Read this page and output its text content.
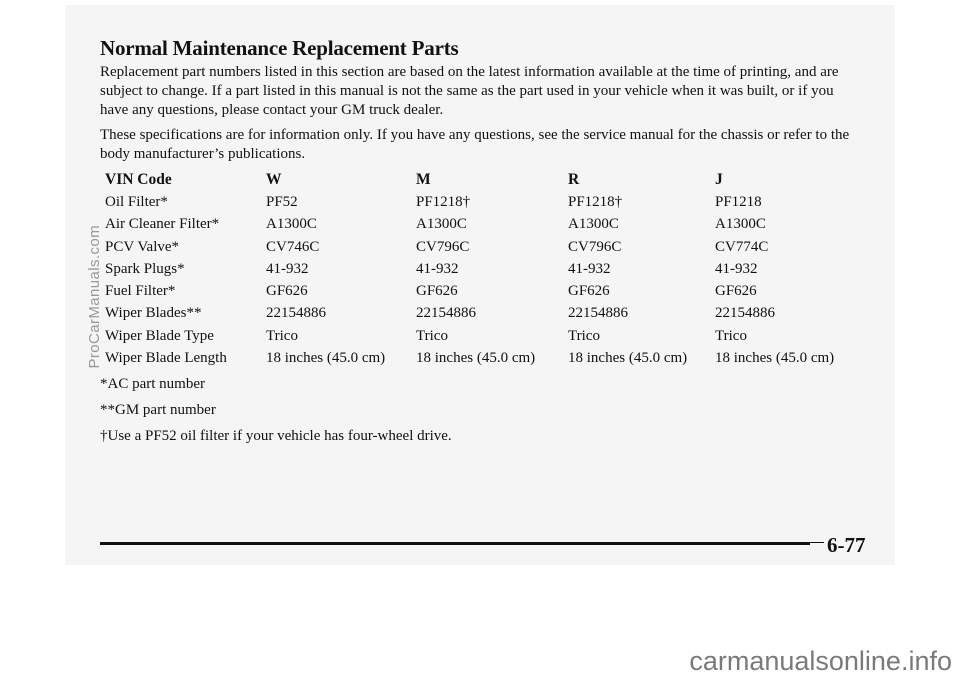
Normal Maintenance Replacement Parts

Replacement part numbers listed in this section are based on the latest information available at the time of printing, and are subject to change. If a part listed in this manual is not the same as the part used in your vehicle when it was built, or if you have any questions, please contact your GM truck dealer.

These specifications are for information only. If you have any questions, see the service manual for the chassis or refer to the body manufacturer’s publications.

VIN Code	W	M	R	J
Oil Filter*	PF52	PF1218†	PF1218†	PF1218
Air Cleaner Filter*	A1300C	A1300C	A1300C	A1300C
PCV Valve*	CV746C	CV796C	CV796C	CV774C
Spark Plugs*	41-932	41-932	41-932	41-932
Fuel Filter*	GF626	GF626	GF626	GF626
Wiper Blades**	22154886	22154886	22154886	22154886
Wiper Blade Type	Trico	Trico	Trico	Trico
Wiper Blade Length	18 inches (45.0 cm)	18 inches (45.0 cm)	18 inches (45.0 cm)	18 inches (45.0 cm)

*AC part number

**GM part number

†Use a PF52 oil filter if your vehicle has four-wheel drive.

6-77
ProCarManuals.com
carmanualsonline.info
